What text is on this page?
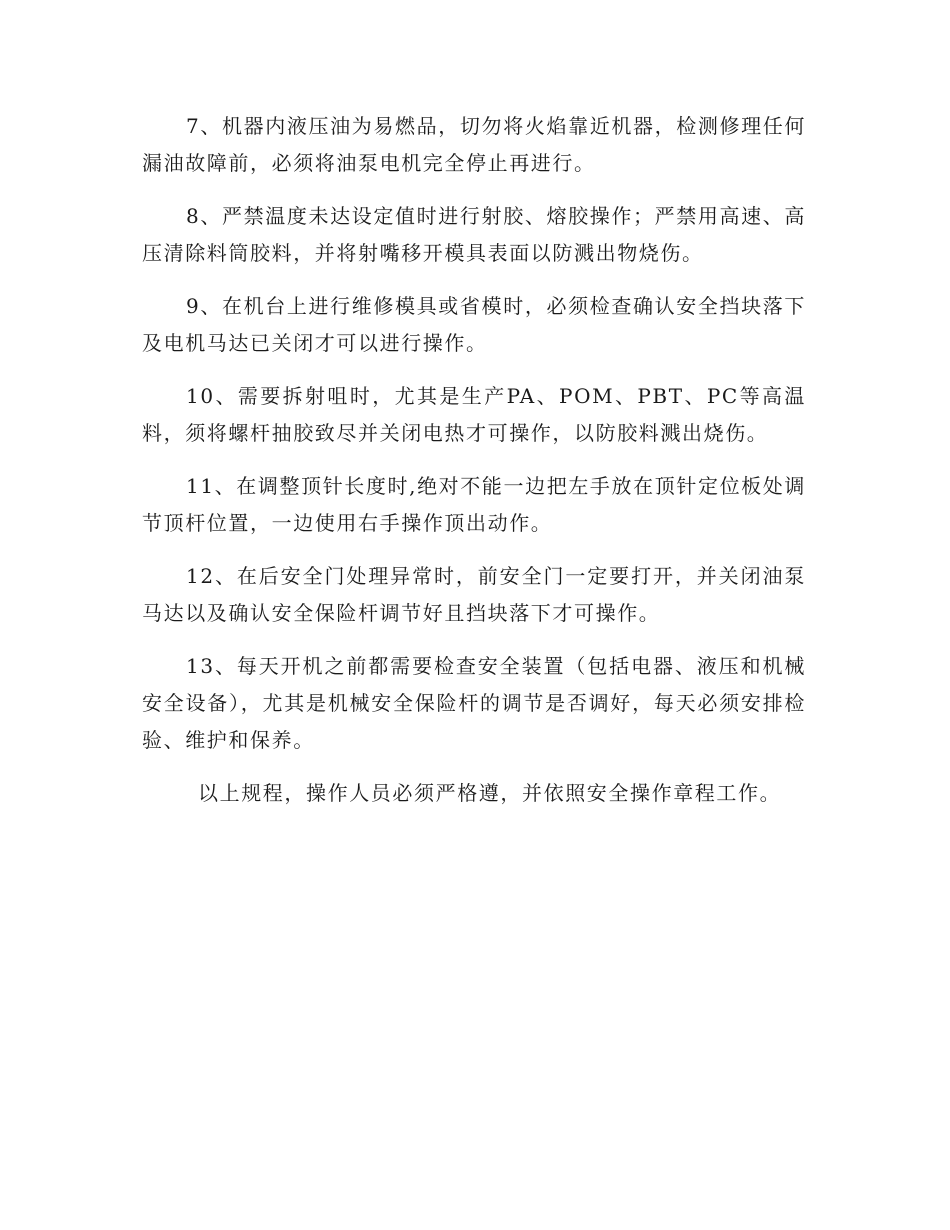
7、机器内液压油为易燃品，切勿将火焰靠近机器，检测修理任何漏油故障前，必须将油泵电机完全停止再进行。

8、严禁温度未达设定值时进行射胶、熔胶操作；严禁用高速、高压清除料筒胶料，并将射嘴移开模具表面以防溅出物烧伤。

9、在机台上进行维修模具或省模时，必须检查确认安全挡块落下及电机马达已关闭才可以进行操作。

10、需要拆射咀时，尤其是生产PA、POM、PBT、PC等高温料，须将螺杆抽胶致尽并关闭电热才可操作，以防胶料溅出烧伤。

11、在调整顶针长度时,绝对不能一边把左手放在顶针定位板处调节顶杆位置，一边使用右手操作顶出动作。

12、在后安全门处理异常时，前安全门一定要打开，并关闭油泵马达以及确认安全保险杆调节好且挡块落下才可操作。

13、每天开机之前都需要检查安全装置（包括电器、液压和机械安全设备），尤其是机械安全保险杆的调节是否调好，每天必须安排检验、维护和保养。

以上规程，操作人员必须严格遵，并依照安全操作章程工作。
